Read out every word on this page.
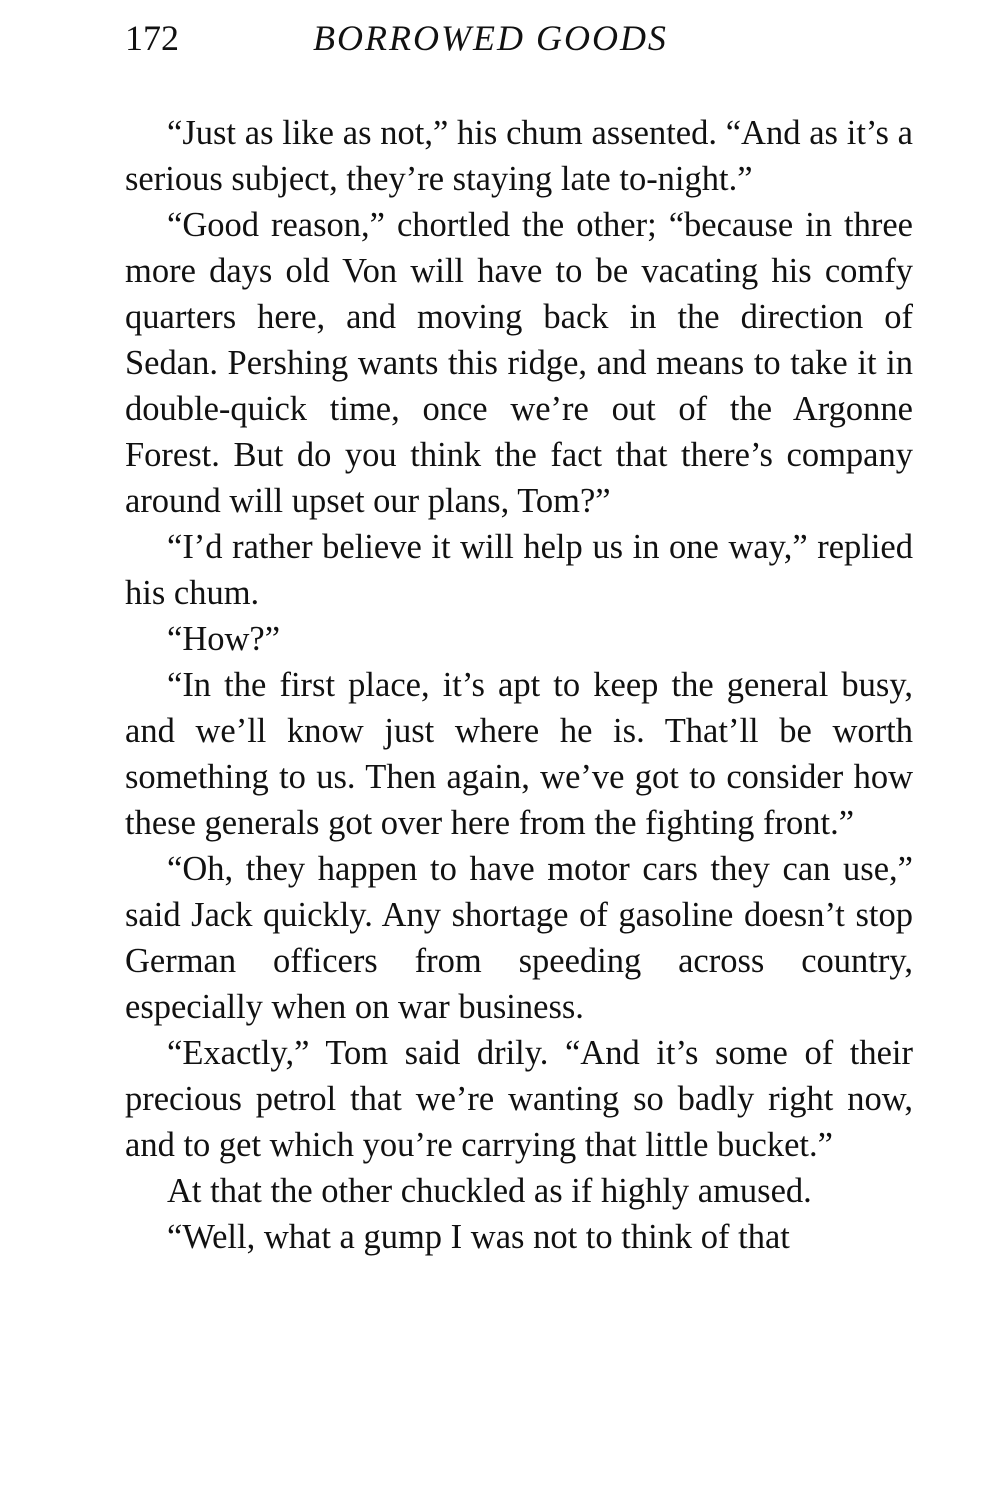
172	BORROWED GOODS

“Just as like as not,” his chum assented. “And as it’s a serious subject, they’re staying late to-night.”

“Good reason,” chortled the other; “because in three more days old Von will have to be vacating his comfy quarters here, and moving back in the direction of Sedan. Pershing wants this ridge, and means to take it in double-quick time, once we’re out of the Argonne Forest. But do you think the fact that there’s company around will upset our plans, Tom?”

“I’d rather believe it will help us in one way,” replied his chum.

“How?”

“In the first place, it’s apt to keep the general busy, and we’ll know just where he is. That’ll be worth something to us. Then again, we’ve got to consider how these generals got over here from the fighting front.”

“Oh, they happen to have motor cars they can use,” said Jack quickly. Any shortage of gasoline doesn’t stop German officers from speeding across country, especially when on war business.

“Exactly,” Tom said drily. “And it’s some of their precious petrol that we’re wanting so badly right now, and to get which you’re carrying that little bucket.”

At that the other chuckled as if highly amused.

“Well, what a gump I was not to think of that
